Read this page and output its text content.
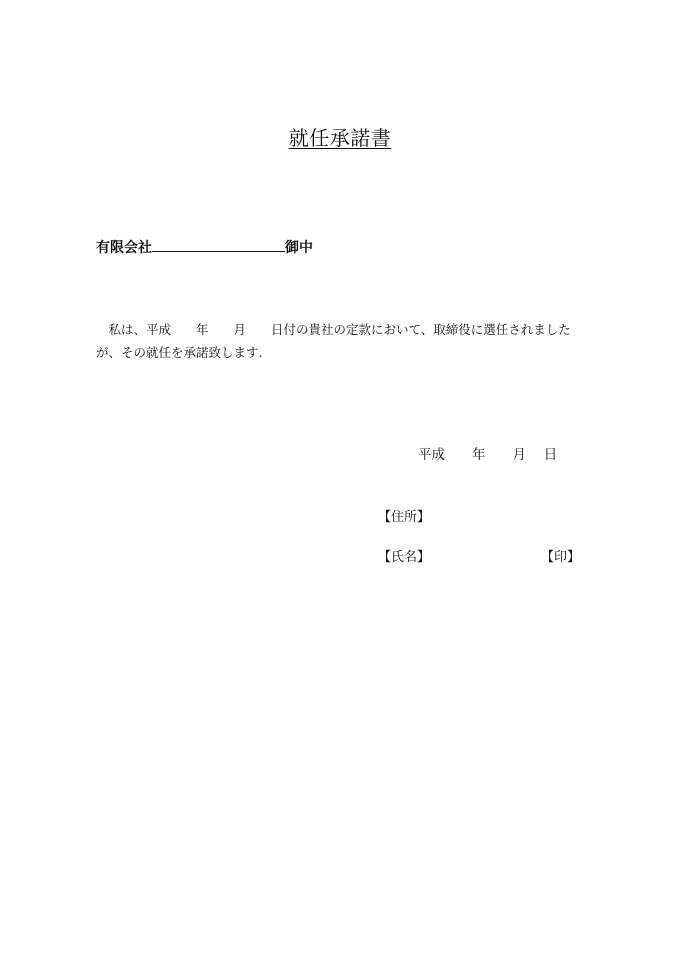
就任承諾書
有限会社	御中
　私は、平成　　年　　月　　日付の貴社の定款において、取締役に選任されました
が、その就任を承諾致します.
平成　　年　　月　 日
【住所】
【氏名】	【印】
